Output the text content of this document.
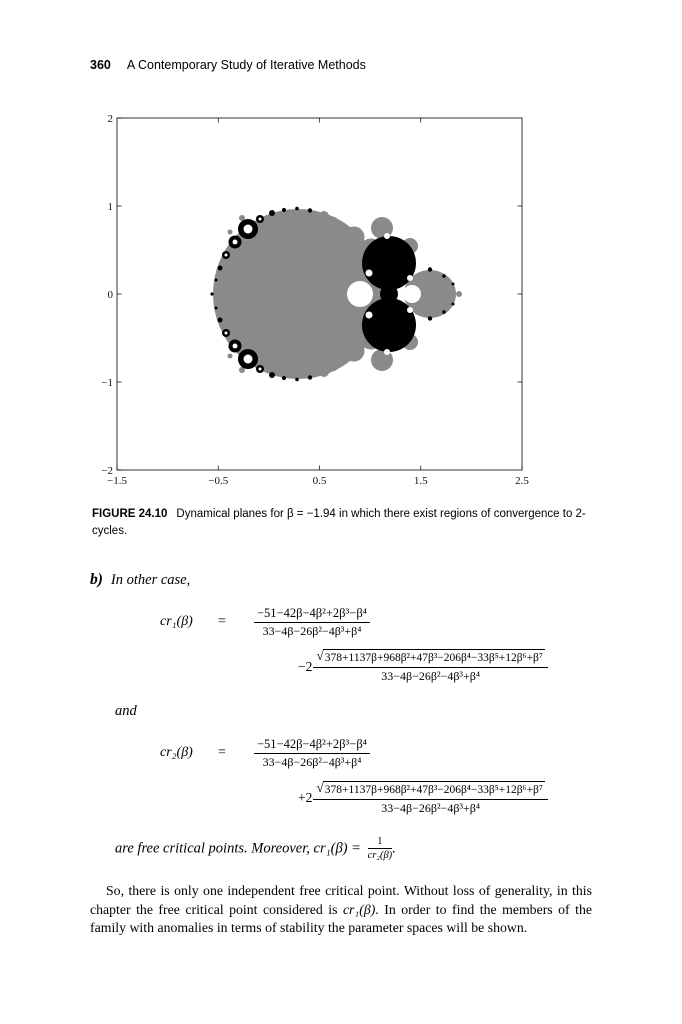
360 A Contemporary Study of Iterative Methods
2
1
0
−1
−2
−1.5	−0.5	0.5	1.5	2.5
FIGURE 24.10 Dynamical planes for β = −1.94 in which there exist regions of convergence to 2-cycles.

b) In other case,

cr₁(β)	=	$\frac{\text{−51−42β−4β²+2β³−β⁴}}{\text{33−4β−26β²−4β³+β⁴}}$
$-2 \frac{\text{√378+1137β+968β²+47β³−206β⁴−33β⁵+12β⁶+β⁷}}{\text{33−4β−26β²−4β³+β⁴}}$

and

cr₂(β)	=	$\frac{\text{−51−42β−4β²+2β³−β⁴}}{\text{33−4β−26β²−4β³+β⁴}}$
$+2 \frac{\text{√378+1137β+968β²+47β³−206β⁴−33β⁵+12β⁶+β⁷}}{\text{33−4β−26β²−4β³+β⁴}}$

are free critical points. Moreover, $cr_1(\beta) = \frac{1}{\text{cr₂(β)}}$ .

So, there is only one independent free critical point. Without loss of generality, in this chapter the free critical point considered is cr₁(β). In order to find the members of the family with anomalies in terms of stability the parameter spaces will be shown.
